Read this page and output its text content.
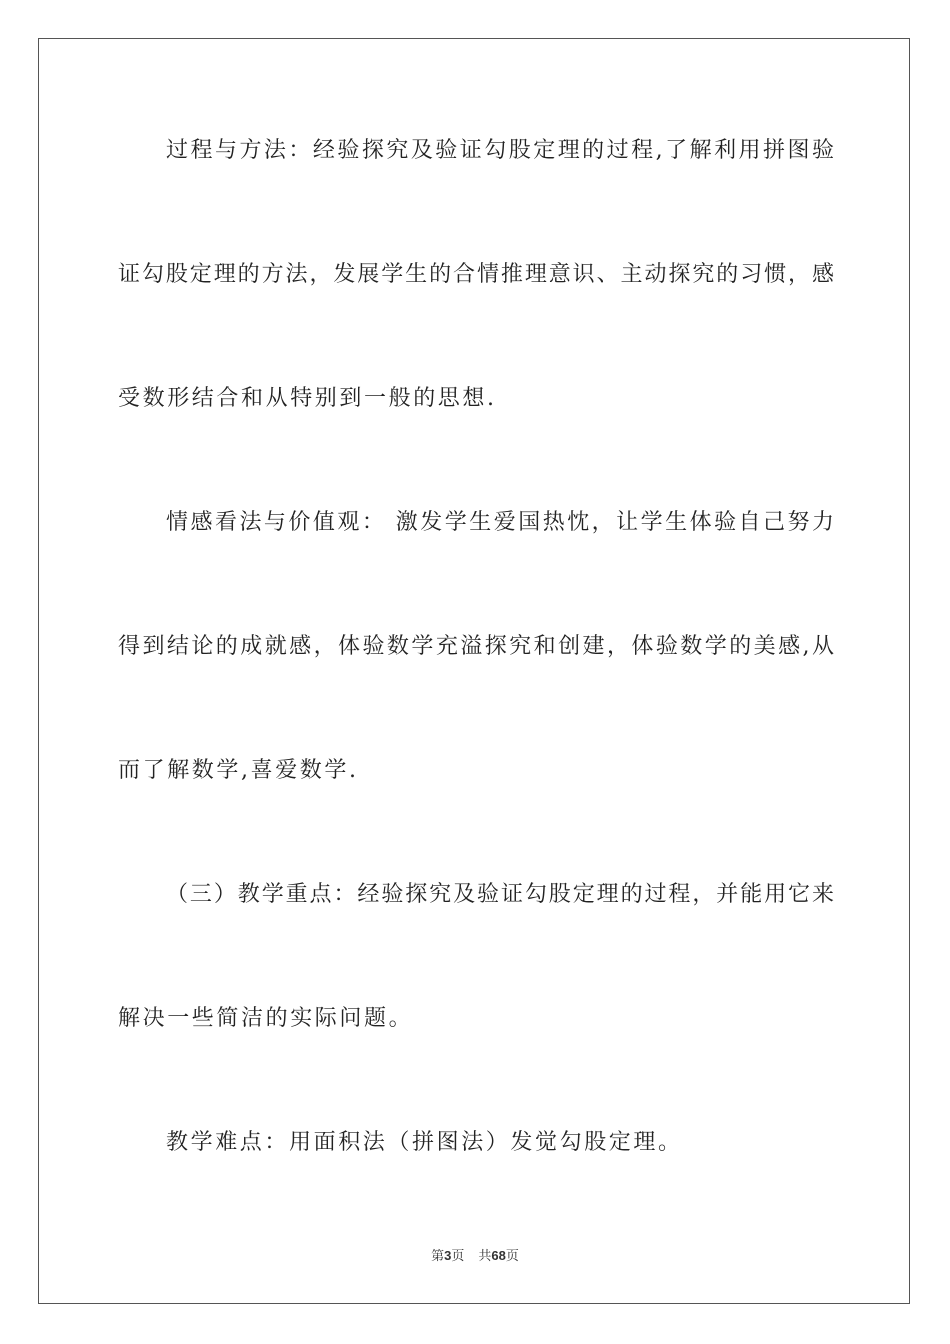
过程与方法：经验探究及验证勾股定理的过程,了解利用拼图验
证勾股定理的方法，发展学生的合情推理意识、主动探究的习惯，感
受数形结合和从特别到一般的思想.
情感看法与价值观： 激发学生爱国热忱，让学生体验自己努力
得到结论的成就感，体验数学充溢探究和创建，体验数学的美感,从
而了解数学,喜爱数学.
（三）教学重点：经验探究及验证勾股定理的过程，并能用它来
解决一些简洁的实际问题。
教学难点：用面积法（拼图法）发觉勾股定理。
第3页 共68页
